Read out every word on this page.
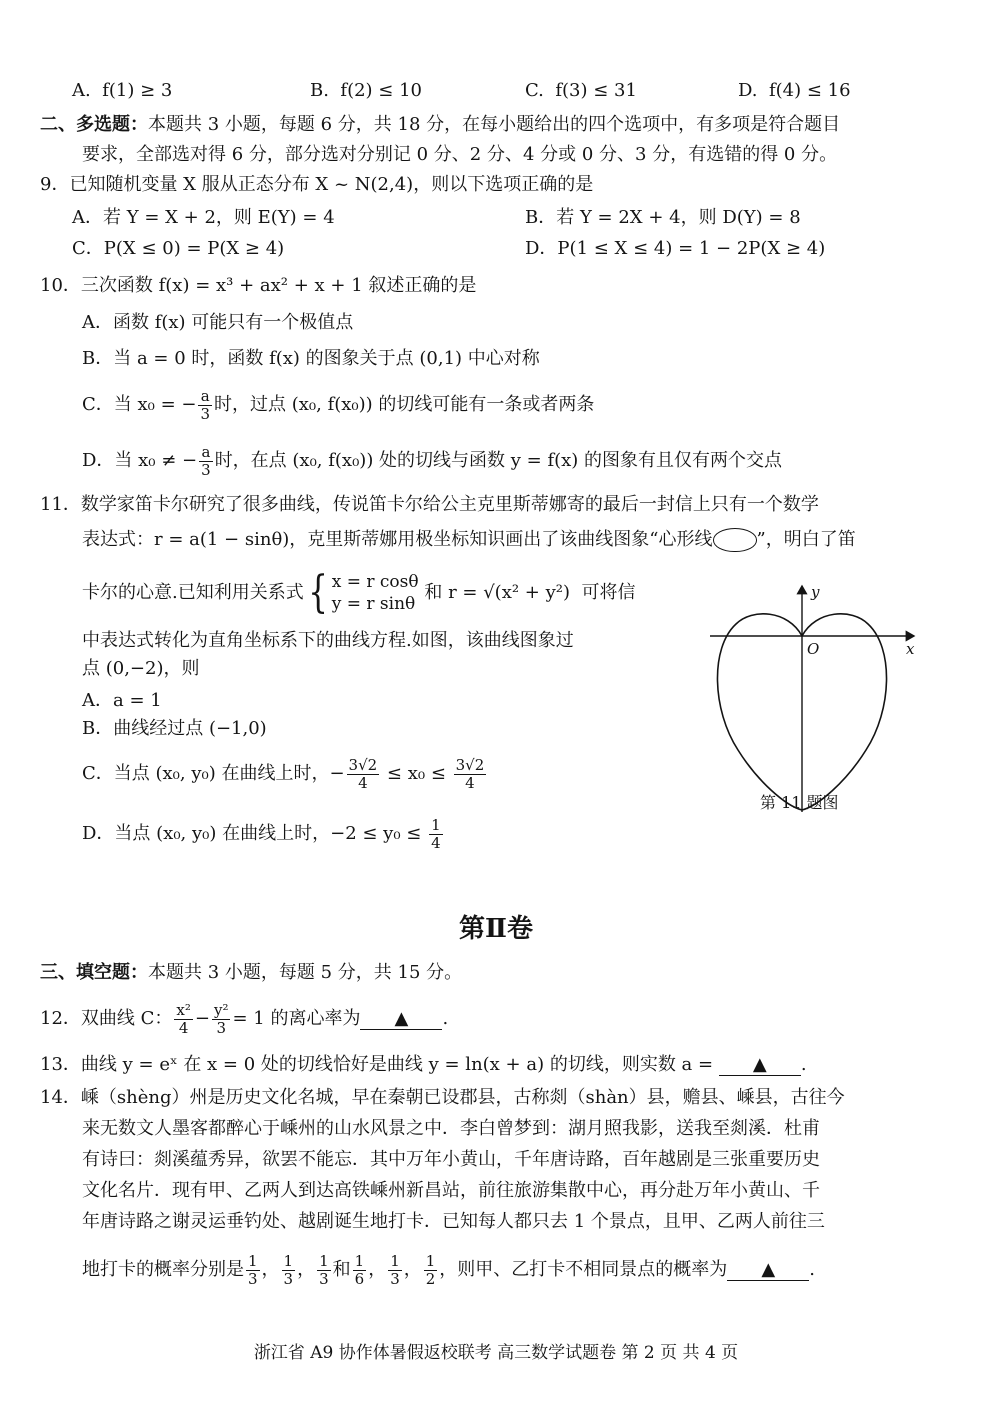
A. f(1) ≥ 3	B. f(2) ≤ 10	C. f(3) ≤ 31	D. f(4) ≤ 16
二、多选题：本题共 3 小题，每题 6 分，共 18 分，在每小题给出的四个选项中，有多项是符合题目
要求，全部选对得 6 分，部分选对分别记 0 分、2 分、4 分或 0 分、3 分，有选错的得 0 分。
9．已知随机变量 X 服从正态分布 X ~ N(2,4)，则以下选项正确的是
A．若 Y = X + 2，则 E(Y) = 4	B．若 Y = 2X + 4，则 D(Y) = 8
C．P(X ≤ 0) = P(X ≥ 4)	D．P(1 ≤ X ≤ 4) = 1 − 2P(X ≥ 4)
10．三次函数 f(x) = x³ + ax² + x + 1 叙述正确的是
A．函数 f(x) 可能只有一个极值点
B．当 a = 0 时，函数 f(x) 的图象关于点 (0,1) 中心对称
C．当 x₀ = − $\frac{a}{3}$ 时，过点 (x₀, f(x₀)) 的切线可能有一条或者两条
D．当 x₀ ≠ − $\frac{a}{3}$ 时，在点 (x₀, f(x₀)) 处的切线与函数 y = f(x) 的图象有且仅有两个交点
11．数学家笛卡尔研究了很多曲线，传说笛卡尔给公主克里斯蒂娜寄的最后一封信上只有一个数学
表达式：r = a(1 − sinθ)，克里斯蒂娜用极坐标知识画出了该曲线图象“心形线 ”，明白了笛
卡尔的心意.已知利用关系式{ x = r cosθ
y = r sinθ
和 r = √(x² + y²) 可将信
中表达式转化为直角坐标系下的曲线方程.如图，该曲线图象过
点 (0,−2)，则
A．a = 1
B．曲线经过点 (−1,0)
C．当点 (x₀, y₀) 在曲线上时，− $\frac{3√2}{4} \le x_0 \le \frac{3√2}{4}$
D．当点 (x₀, y₀) 在曲线上时，$-2 \le y_0 \le \frac{1}{4}$
y
x
O
第 11 题图
第Ⅱ卷
三、填空题：本题共 3 小题，每题 5 分，共 15 分。
12．双曲线 C： $\frac{\text{x²}}{4} - \frac{\text{y²}}{3} = 1$ 的离心率为 ▲ .
13．曲线 y = eˣ 在 x = 0 处的切线恰好是曲线 y = ln(x + a) 的切线，则实数 a = ▲ .
14．嵊（shèng）州是历史文化名城，早在秦朝已设郡县，古称剡（shàn）县，赡县、嵊县，古往今
来无数文人墨客都醉心于嵊州的山水风景之中．李白曾梦到：湖月照我影，送我至剡溪．杜甫
有诗曰：剡溪蕴秀异，欲罢不能忘．其中万年小黄山，千年唐诗路，百年越剧是三张重要历史
文化名片．现有甲、乙两人到达高铁嵊州新昌站，前往旅游集散中心，再分赴万年小黄山、千
年唐诗路之谢灵运垂钓处、越剧诞生地打卡．已知每人都只去 1 个景点，且甲、乙两人前往三
地打卡的概率分别是 $\frac{1}{3}$ ， $\frac{1}{3}$ ， $\frac{1}{3}$ 和 $\frac{1}{6}$ ， $\frac{1}{3}$ ， $\frac{1}{2}$ ，则甲、乙打卡不相同景点的概率为 ▲ .
浙江省 A9 协作体暑假返校联考 高三数学试题卷 第 2 页 共 4 页
